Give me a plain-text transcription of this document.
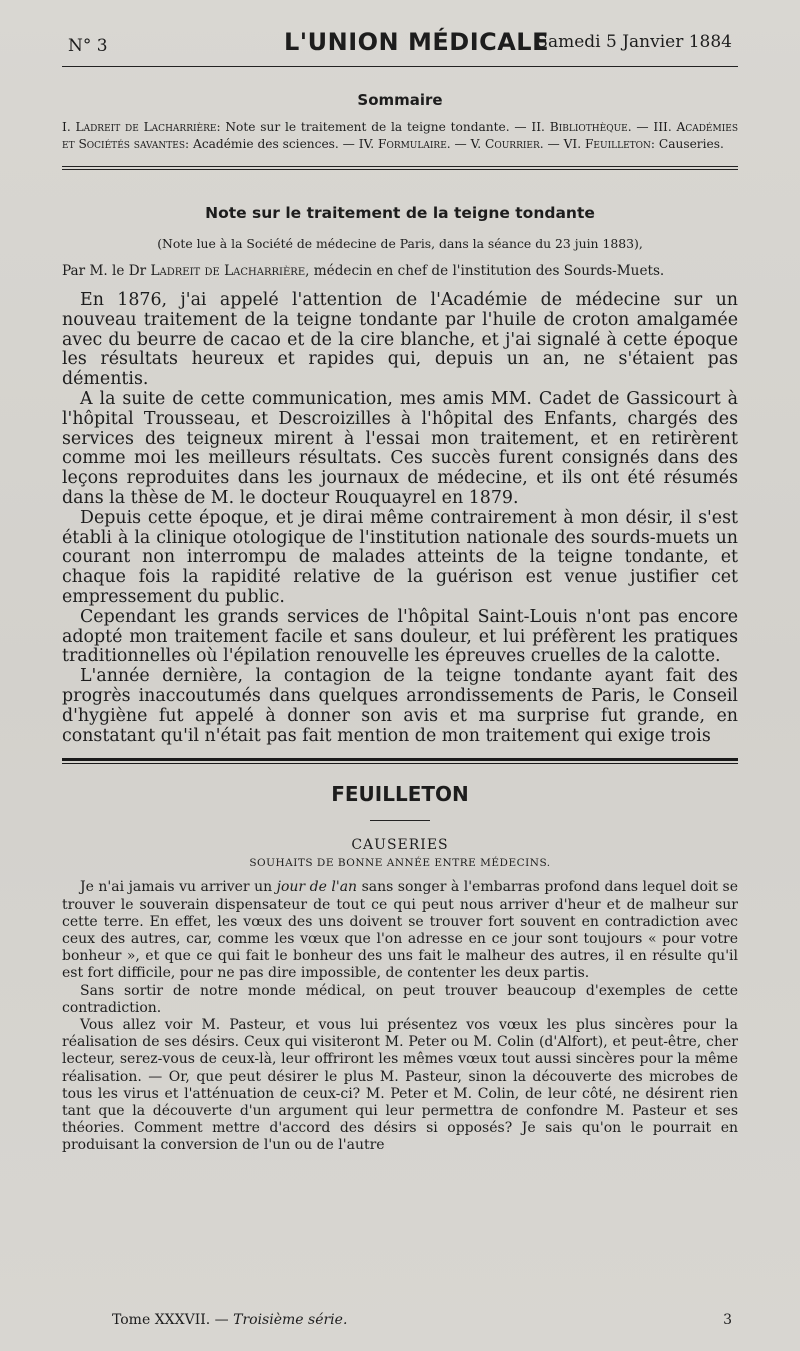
N° 3	L'UNION MÉDICALE
Samedi 5 Janvier 1884
Sommaire

I. Ladreit de Lacharrière: Note sur le traitement de la teigne tondante. — II. Bibliothèque. — III. Académies et Sociétés savantes: Académie des sciences. — IV. Formulaire. — V. Courrier. — VI. Feuilleton: Causeries.

Note sur le traitement de la teigne tondante
(Note lue à la Société de médecine de Paris, dans la séance du 23 juin 1883),
Par M. le Dr Ladreit de Lacharrière, médecin en chef de l'institution des Sourds-Muets.

En 1876, j'ai appelé l'attention de l'Académie de médecine sur un nouveau traitement de la teigne tondante par l'huile de croton amalgamée avec du beurre de cacao et de la cire blanche, et j'ai signalé à cette époque les résultats heureux et rapides qui, depuis un an, ne s'étaient pas démentis.

A la suite de cette communication, mes amis MM. Cadet de Gassicourt à l'hôpital Trousseau, et Descroizilles à l'hôpital des Enfants, chargés des services des teigneux mirent à l'essai mon traitement, et en retirèrent comme moi les meilleurs résultats. Ces succès furent consignés dans des leçons reproduites dans les journaux de médecine, et ils ont été résumés dans la thèse de M. le docteur Rouquayrel en 1879.

Depuis cette époque, et je dirai même contrairement à mon désir, il s'est établi à la clinique otologique de l'institution nationale des sourds-muets un courant non interrompu de malades atteints de la teigne tondante, et chaque fois la rapidité relative de la guérison est venue justifier cet empressement du public.

Cependant les grands services de l'hôpital Saint-Louis n'ont pas encore adopté mon traitement facile et sans douleur, et lui préfèrent les pratiques traditionnelles où l'épilation renouvelle les épreuves cruelles de la calotte.

L'année dernière, la contagion de la teigne tondante ayant fait des progrès inaccoutumés dans quelques arrondissements de Paris, le Conseil d'hygiène fut appelé à donner son avis et ma surprise fut grande, en constatant qu'il n'était pas fait mention de mon traitement qui exige trois

FEUILLETON
CAUSERIES
SOUHAITS DE BONNE ANNÉE ENTRE MÉDECINS.

Je n'ai jamais vu arriver un jour de l'an sans songer à l'embarras profond dans lequel doit se trouver le souverain dispensateur de tout ce qui peut nous arriver d'heur et de malheur sur cette terre. En effet, les vœux des uns doivent se trouver fort souvent en contradiction avec ceux des autres, car, comme les vœux que l'on adresse en ce jour sont toujours « pour votre bonheur », et que ce qui fait le bonheur des uns fait le malheur des autres, il en résulte qu'il est fort difficile, pour ne pas dire impossible, de contenter les deux partis.

Sans sortir de notre monde médical, on peut trouver beaucoup d'exemples de cette contradiction.

Vous allez voir M. Pasteur, et vous lui présentez vos vœux les plus sincères pour la réalisation de ses désirs. Ceux qui visiteront M. Peter ou M. Colin (d'Alfort), et peut-être, cher lecteur, serez-vous de ceux-là, leur offriront les mêmes vœux tout aussi sincères pour la même réalisation. — Or, que peut désirer le plus M. Pasteur, sinon la découverte des microbes de tous les virus et l'atténuation de ceux-ci? M. Peter et M. Colin, de leur côté, ne désirent rien tant que la découverte d'un argument qui leur permettra de confondre M. Pasteur et ses théories. Comment mettre d'accord des désirs si opposés? Je sais qu'on le pourrait en produisant la conversion de l'un ou de l'autre

Tome XXXVII. — Troisième série.	3
